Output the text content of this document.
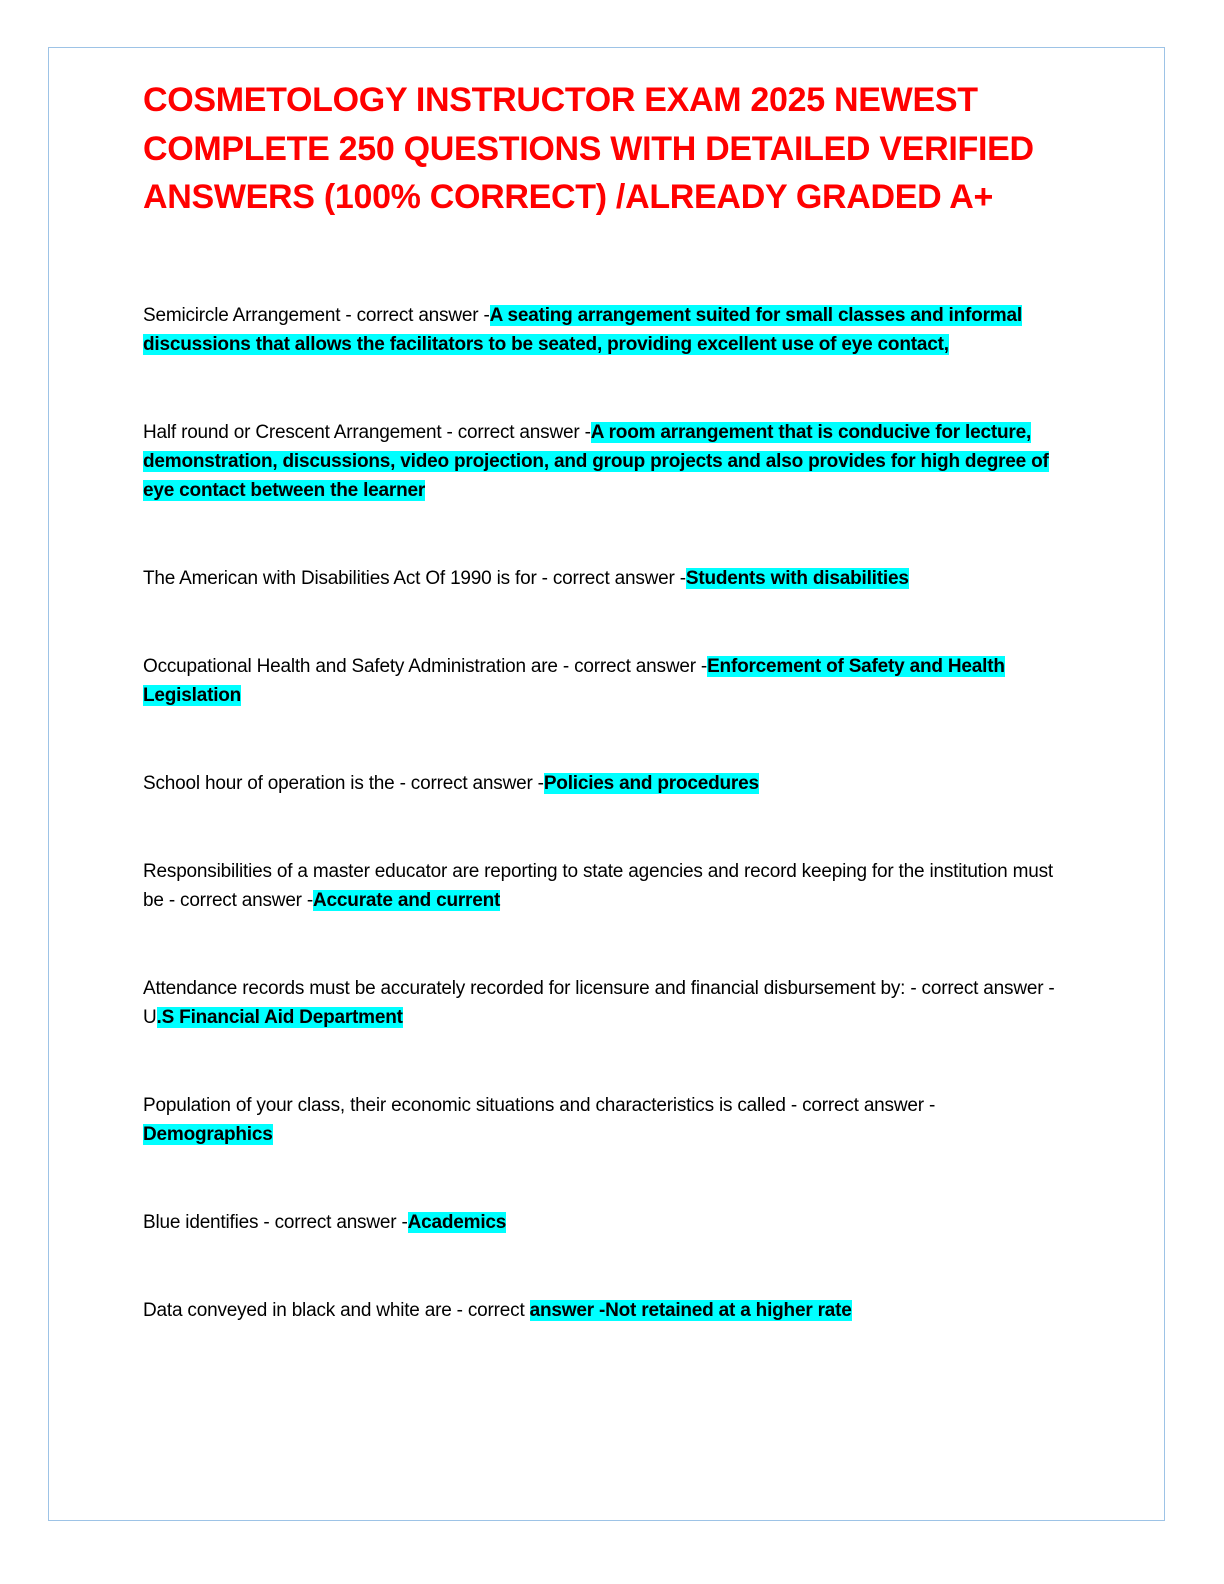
COSMETOLOGY INSTRUCTOR EXAM 2025 NEWEST COMPLETE 250 QUESTIONS WITH DETAILED VERIFIED ANSWERS (100% CORRECT) /ALREADY GRADED A+
Semicircle Arrangement - correct answer -A seating arrangement suited for small classes and informal discussions that allows the facilitators to be seated, providing excellent use of eye contact,
Half round or Crescent Arrangement - correct answer -A room arrangement that is conducive for lecture, demonstration, discussions, video projection, and group projects and also provides for high degree of eye contact between the learner
The American with Disabilities Act Of 1990 is for - correct answer -Students with disabilities
Occupational Health and Safety Administration are - correct answer -Enforcement of Safety and Health Legislation
School hour of operation is the - correct answer -Policies and procedures
Responsibilities of a master educator are reporting to state agencies and record keeping for the institution must be - correct answer -Accurate and current
Attendance records must be accurately recorded for licensure and financial disbursement by: - correct answer -U.S Financial Aid Department
Population of your class, their economic situations and characteristics is called - correct answer - Demographics
Blue identifies - correct answer -Academics
Data conveyed in black and white are - correct answer -Not retained at a higher rate
